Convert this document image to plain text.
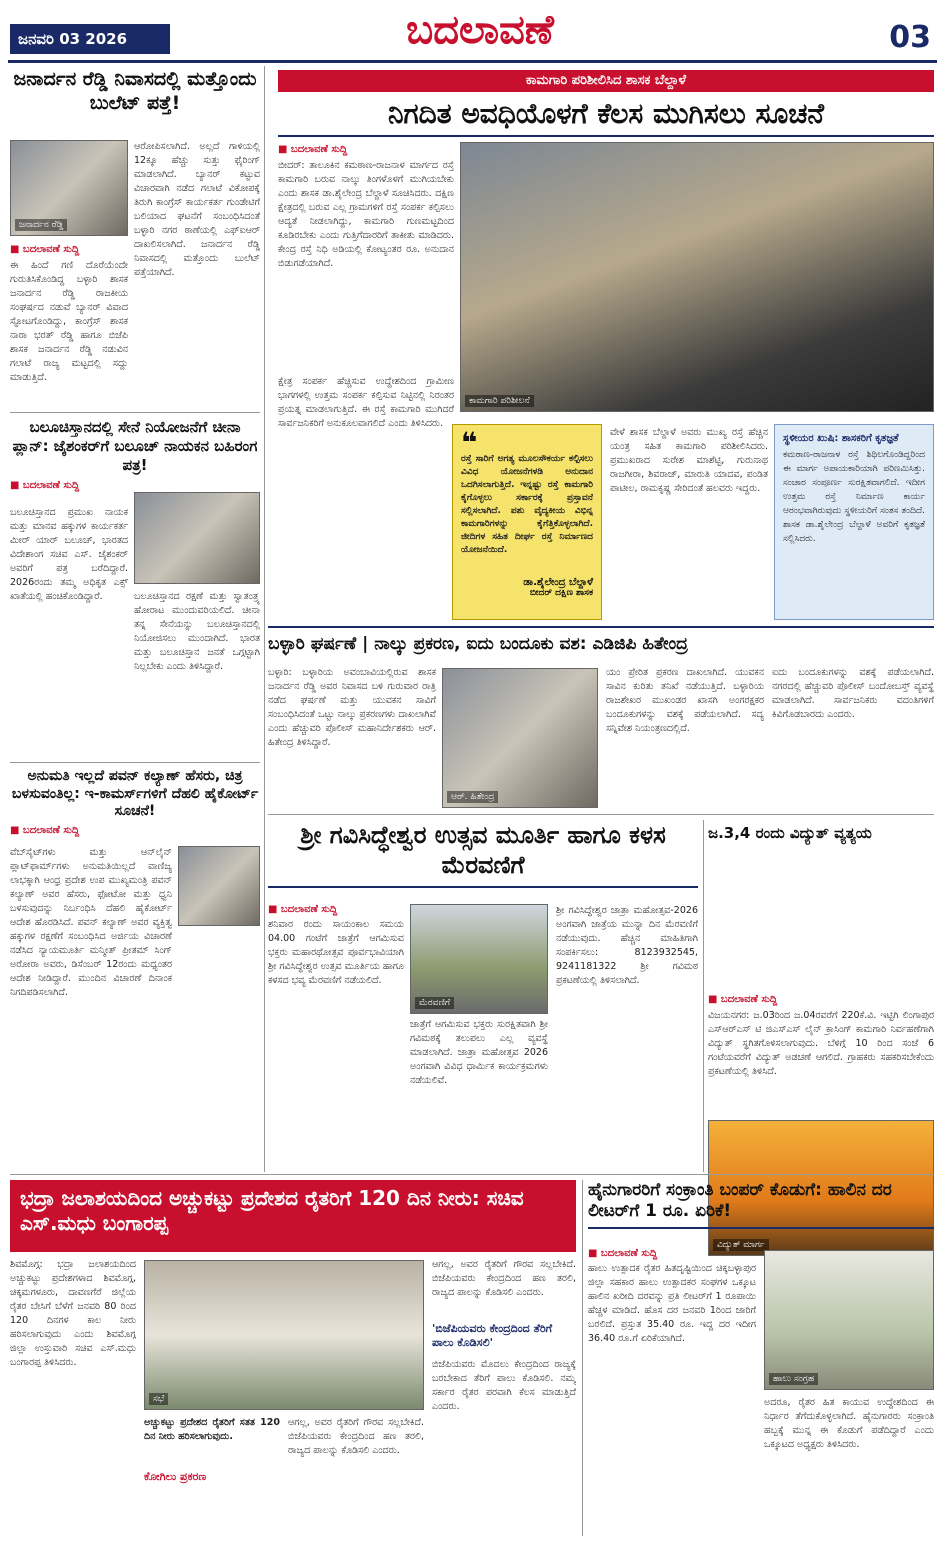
ಜನವರಿ 03 2026	ಬದಲಾವಣೆ	03
ಜನಾರ್ದನ ರೆಡ್ಡಿ ನಿವಾಸದಲ್ಲಿ ಮತ್ತೊಂದು ಬುಲೆಟ್ ಪತ್ತೆ!
ಜನಾರ್ದನ ರೆಡ್ಡಿ
ಆರೋಪಿಸಲಾಗಿದೆ. ಅಲ್ಲದೆ ಗಾಳಿಯಲ್ಲಿ 12ಕ್ಕೂ ಹೆಚ್ಚು ಸುತ್ತು ಫೈರಿಂಗ್ ಮಾಡಲಾಗಿದೆ. ಬ್ಯಾನರ್ ಕಟ್ಟುವ ವಿಚಾರವಾಗಿ ನಡೆದ ಗಲಾಟೆ ವಿಕೋಪಕ್ಕೆ ತಿರುಗಿ ಕಾಂಗ್ರೆಸ್ ಕಾರ್ಯಕರ್ತ ಗುಂಡೇಟಿಗೆ ಬಲಿಯಾದ ಘಟನೆಗೆ ಸಂಬಂಧಿಸಿದಂತೆ ಬಳ್ಳಾರಿ ನಗರ ಠಾಣೆಯಲ್ಲಿ ಎಫ್‌ಐಆರ್ ದಾಖಲಿಸಲಾಗಿದೆ. ಜನಾರ್ದನ ರೆಡ್ಡಿ ನಿವಾಸದಲ್ಲಿ ಮತ್ತೊಂದು ಬುಲೆಟ್ ಪತ್ತೆಯಾಗಿದೆ.
■ ಬದಲಾವಣೆ ಸುದ್ದಿ
ಈ ಹಿಂದೆ ಗಣಿ ದೊರೆಯೆಂದೇ ಗುರುತಿಸಿಕೊಂಡಿದ್ದ ಬಳ್ಳಾರಿ ಶಾಸಕ ಜನಾರ್ದನ ರೆಡ್ಡಿ ರಾಜಕೀಯ ಸಂಘರ್ಷದ ನಡುವೆ ಬ್ಯಾನರ್ ವಿವಾದ ಸ್ಫೋಟಗೊಂಡಿದ್ದು, ಕಾಂಗ್ರೆಸ್ ಶಾಸಕ ನಾರಾ ಭರತ್ ರೆಡ್ಡಿ ಹಾಗೂ ಬಿಜೆಪಿ ಶಾಸಕ ಜನಾರ್ದನ ರೆಡ್ಡಿ ನಡುವಿನ ಗಲಾಟೆ ರಾಜ್ಯ ಮಟ್ಟದಲ್ಲಿ ಸದ್ದು ಮಾಡುತ್ತಿದೆ.
ಕಾಮಗಾರಿ ಪರಿಶೀಲಿಸಿದ ಶಾಸಕ ಬೆಲ್ದಾಳೆ
ನಿಗದಿತ ಅವಧಿಯೊಳಗೆ ಕೆಲಸ ಮುಗಿಸಲು ಸೂಚನೆ
■ ಬದಲಾವಣೆ ಸುದ್ದಿ
ಬೀದರ್: ತಾಲೂಕಿನ ಕಮಠಾಣ-ರಾಜನಾಳ ಮಾರ್ಗದ ರಸ್ತೆ ಕಾಮಗಾರಿ ಬರುವ ನಾಲ್ಕು ತಿಂಗಳೊಳಗೆ ಮುಗಿಯಬೇಕು ಎಂದು ಶಾಸಕ ಡಾ.ಶೈಲೇಂದ್ರ ಬೆಲ್ದಾಳೆ ಸೂಚಿಸಿದರು. ದಕ್ಷಿಣ ಕ್ಷೇತ್ರದಲ್ಲಿ ಬರುವ ಎಲ್ಲ ಗ್ರಾಮಗಳಿಗೆ ರಸ್ತೆ ಸಂಪರ್ಕ ಕಲ್ಪಿಸಲು ಆದ್ಯತೆ ನೀಡಲಾಗಿದ್ದು, ಕಾಮಗಾರಿ ಗುಣಮಟ್ಟದಿಂದ ಕೂಡಿರಬೇಕು ಎಂದು ಗುತ್ತಿಗೆದಾರರಿಗೆ ತಾಕೀತು ಮಾಡಿದರು. ಕೇಂದ್ರ ರಸ್ತೆ ನಿಧಿ ಅಡಿಯಲ್ಲಿ ಕೋಟ್ಯಂತರ ರೂ. ಅನುದಾನ ಬಿಡುಗಡೆಯಾಗಿದೆ.
ಕ್ಷೇತ್ರ ಸಂಪರ್ಕ ಹೆಚ್ಚಿಸುವ ಉದ್ದೇಶದಿಂದ ಗ್ರಾಮೀಣ ಭಾಗಗಳಲ್ಲಿ ಉತ್ತಮ ಸಂಪರ್ಕ ಕಲ್ಪಿಸುವ ನಿಟ್ಟಿನಲ್ಲಿ ನಿರಂತರ ಪ್ರಯತ್ನ ಮಾಡಲಾಗುತ್ತಿದೆ. ಈ ರಸ್ತೆ ಕಾಮಗಾರಿ ಮುಗಿದರೆ ಸಾರ್ವಜನಿಕರಿಗೆ ಅನುಕೂಲವಾಗಲಿದೆ ಎಂದು ತಿಳಿಸಿದರು.
ಕಾಮಗಾರಿ ಪರಿಶೀಲನೆ
❝
ರಸ್ತೆ ಸಾರಿಗೆ ಅಗತ್ಯ ಮೂಲಸೌಕರ್ಯ ಕಲ್ಪಿಸಲು ವಿವಿಧ ಯೋಜನೆಗಳಡಿ ಅನುದಾನ ಒದಗಿಸಲಾಗುತ್ತಿದೆ. ಇನ್ನಷ್ಟು ರಸ್ತೆ ಕಾಮಗಾರಿ ಕೈಗೊಳ್ಳಲು ಸರ್ಕಾರಕ್ಕೆ ಪ್ರಸ್ತಾವನೆ ಸಲ್ಲಿಸಲಾಗಿದೆ. ಪಶು ವೈದ್ಯಕೀಯ ವಿಭಿನ್ನ ಕಾಮಗಾರಿಗಳನ್ನು ಕೈಗೆತ್ತಿಕೊಳ್ಳಲಾಗಿದೆ. ಜೀದಿಗಳ ಸಹಿತ ದೀರ್ಘ ರಸ್ತೆ ನಿರ್ಮಾಣದ ಯೋಜನೆಯಿದೆ.
ಡಾ.ಶೈಲೇಂದ್ರ ಬೆಲ್ದಾಳೆ
ಬೀದರ್ ದಕ್ಷಿಣ ಶಾಸಕ
ವೇಳೆ ಶಾಸಕ ಬೆಲ್ದಾಳೆ ಅವರು ಮುಖ್ಯ ರಸ್ತೆ ಹೆಚ್ಚಿನ ಯಂತ್ರ ಸಹಿತ ಕಾಮಗಾರಿ ಪರಿಶೀಲಿಸಿದರು. ಪ್ರಮುಖರಾದ ಸುರೇಶ ಮಾಶೆಟ್ಟಿ, ಗುರುನಾಥ ರಾಜಗೀರಾ, ಶಿವರಾಜ್, ಮಾರುತಿ ಯಾದವ, ಪಂಡಿತ ಪಾಟೀಲ, ರಾಮಕೃಷ್ಣ ಸೇರಿದಂತೆ ಹಲವರು ಇದ್ದರು.
ಸ್ಥಳೀಯರ ಖುಷಿ: ಶಾಸಕರಿಗೆ ಕೃತಜ್ಞತೆ
ಕಮಠಾಣ-ರಾಜನಾಳ ರಸ್ತೆ ಶಿಥಿಲಗೊಂಡಿದ್ದರಿಂದ ಈ ಮಾರ್ಗ ಅಪಾಯಕಾರಿಯಾಗಿ ಪರಿಣಮಿಸಿತ್ತು. ಸಂಚಾರ ಸಂಪೂರ್ಣ ಸುರಕ್ಷಿತವಾಗಲಿದೆ. ಇದೀಗ ಉತ್ತಮ ರಸ್ತೆ ನಿರ್ಮಾಣ ಕಾರ್ಯ ಆರಂಭವಾಗಿರುವುದು ಸ್ಥಳೀಯರಿಗೆ ಸಂತಸ ತಂದಿದೆ. ಶಾಸಕ ಡಾ.ಶೈಲೇಂದ್ರ ಬೆಲ್ದಾಳೆ ಅವರಿಗೆ ಕೃತಜ್ಞತೆ ಸಲ್ಲಿಸಿದರು.
ಬಲೂಚಿಸ್ತಾನದಲ್ಲಿ ಸೇನೆ ನಿಯೋಜನೆಗೆ ಚೀನಾ ಪ್ಲಾನ್: ಜೈಶಂಕರ್‌ಗೆ ಬಲೂಚ್ ನಾಯಕನ ಬಹಿರಂಗ ಪತ್ರ!
■ ಬದಲಾವಣೆ ಸುದ್ದಿ
ಬಲೂಚಿಸ್ತಾನದ ಪ್ರಮುಖ ನಾಯಕ ಮತ್ತು ಮಾನವ ಹಕ್ಕುಗಳ ಕಾರ್ಯಕರ್ತ ಮೀರ್ ಯಾರ್ ಬಲೂಚ್, ಭಾರತದ ವಿದೇಶಾಂಗ ಸಚಿವ ಎಸ್. ಜೈಶಂಕರ್ ಅವರಿಗೆ ಪತ್ರ ಬರೆದಿದ್ದಾರೆ. 2026ರಂದು ತಮ್ಮ ಅಧಿಕೃತ ಎಕ್ಸ್ ಖಾತೆಯಲ್ಲಿ ಹಂಚಿಕೊಂಡಿದ್ದಾರೆ.	ಬಲೂಚಿಸ್ತಾನದ ರಕ್ಷಣೆ ಮತ್ತು ಸ್ವಾತಂತ್ರ್ಯ ಹೋರಾಟ ಮುಂದುವರಿಯಲಿದೆ. ಚೀನಾ ತನ್ನ ಸೇನೆಯನ್ನು ಬಲೂಚಿಸ್ತಾನದಲ್ಲಿ ನಿಯೋಜಿಸಲು ಮುಂದಾಗಿದೆ. ಭಾರತ ಮತ್ತು ಬಲೂಚಿಸ್ತಾನ ಜನತೆ ಒಗ್ಗಟ್ಟಾಗಿ ನಿಲ್ಲಬೇಕು ಎಂದು ತಿಳಿಸಿದ್ದಾರೆ.
ಬಳ್ಳಾರಿ ಘರ್ಷಣೆ | ನಾಲ್ಕು ಪ್ರಕರಣ, ಐದು ಬಂದೂಕು ವಶ: ಎಡಿಜಿಪಿ ಹಿತೇಂದ್ರ
ಬಳ್ಳಾರಿ: ಬಳ್ಳಾರಿಯ ಅವಂಬಾವಿಯಲ್ಲಿರುವ ಶಾಸಕ ಜನಾರ್ದನ ರೆಡ್ಡಿ ಅವರ ನಿವಾಸದ ಬಳಿ ಗುರುವಾರ ರಾತ್ರಿ ನಡೆದ ಘರ್ಷಣೆ ಮತ್ತು ಯುವಕನ ಸಾವಿಗೆ ಸಂಬಂಧಿಸಿದಂತೆ ಒಟ್ಟು ನಾಲ್ಕು ಪ್ರಕರಣಗಳು ದಾಖಲಾಗಿವೆ ಎಂದು ಹೆಚ್ಚುವರಿ ಪೊಲೀಸ್ ಮಹಾನಿರ್ದೇಶಕರು ಆರ್. ಹಿತೇಂದ್ರ ತಿಳಿಸಿದ್ದಾರೆ.
ಆರ್. ಹಿತೇಂದ್ರ
ಯಂ ಪ್ರೇರಿತ ಪ್ರಕರಣ ದಾಖಲಾಗಿದೆ. ಯುವಕನ ಸಾವಿನ ಕುರಿತು ತನಿಖೆ ನಡೆಯುತ್ತಿದೆ. ಬಳ್ಳಾರಿಯ ರಾಜಶೇಖರ ಮುಖಂಡರ ಖಾಸಗಿ ಅಂಗರಕ್ಷಕರ ಬಂದೂಕುಗಳನ್ನು ವಶಕ್ಕೆ ಪಡೆಯಲಾಗಿದೆ. ಸದ್ಯ ಸನ್ನಿವೇಶ ನಿಯಂತ್ರಣದಲ್ಲಿದೆ.
ಐದು ಬಂದೂಕುಗಳನ್ನು ವಶಕ್ಕೆ ಪಡೆಯಲಾಗಿದೆ. ನಗರದಲ್ಲಿ ಹೆಚ್ಚುವರಿ ಪೊಲೀಸ್ ಬಂದೋಬಸ್ತ್ ವ್ಯವಸ್ಥೆ ಮಾಡಲಾಗಿದೆ. ಸಾರ್ವಜನಿಕರು ವದಂತಿಗಳಿಗೆ ಕಿವಿಗೊಡಬಾರದು ಎಂದರು.
ಅನುಮತಿ ಇಲ್ಲದೆ ಪವನ್ ಕಲ್ಯಾಣ್ ಹೆಸರು, ಚಿತ್ರ ಬಳಸುವಂತಿಲ್ಲ: ಇ-ಕಾಮರ್ಸ್‌ಗಳಿಗೆ ದೆಹಲಿ ಹೈಕೋರ್ಟ್ ಸೂಚನೆ!
■ ಬದಲಾವಣೆ ಸುದ್ದಿ
ವೆಬ್‌ಸೈಟ್‌ಗಳು ಮತ್ತು ಆನ್‌ಲೈನ್ ಪ್ಲಾಟ್‌ಫಾರ್ಮ್‌ಗಳು ಅನುಮತಿಯಿಲ್ಲದೆ ವಾಣಿಜ್ಯ ಲಾಭಕ್ಕಾಗಿ ಆಂಧ್ರ ಪ್ರದೇಶ ಉಪ ಮುಖ್ಯಮಂತ್ರಿ ಪವನ್ ಕಲ್ಯಾಣ್ ಅವರ ಹೆಸರು, ಫೋಟೋ ಮತ್ತು ಧ್ವನಿ ಬಳಸುವುದನ್ನು ನಿರ್ಬಂಧಿಸಿ ದೆಹಲಿ ಹೈಕೋರ್ಟ್ ಆದೇಶ ಹೊರಡಿಸಿದೆ. ಪವನ್ ಕಲ್ಯಾಣ್ ಅವರ ವ್ಯಕ್ತಿತ್ವ ಹಕ್ಕುಗಳ ರಕ್ಷಣೆಗೆ ಸಂಬಂಧಿಸಿದ ಅರ್ಜಿಯ ವಿಚಾರಣೆ ನಡೆಸಿದ ನ್ಯಾಯಮೂರ್ತಿ ಮನ್ಮೀತ್ ಪ್ರೀತಮ್ ಸಿಂಗ್ ಅರೋರಾ ಅವರು, ಡಿಸೆಂಬರ್ 12ರಂದು ಮಧ್ಯಂತರ ಆದೇಶ ನೀಡಿದ್ದಾರೆ. ಮುಂದಿನ ವಿಚಾರಣೆ ದಿನಾಂಕ ನಿಗದಿಪಡಿಸಲಾಗಿದೆ.
ಶ್ರೀ ಗವಿಸಿದ್ಧೇಶ್ವರ ಉತ್ಸವ ಮೂರ್ತಿ ಹಾಗೂ ಕಳಸ ಮೆರವಣಿಗೆ
■ ಬದಲಾವಣೆ ಸುದ್ದಿ
ಶನಿವಾರ ರಂದು ಸಾಯಂಕಾಲ ಸಮಯ 04.00 ಗಂಟೆಗೆ ಜಾತ್ರೆಗೆ ಆಗಮಿಸುವ ಭಕ್ತರು ಮಹಾರಥೋತ್ಸವ ಪೂರ್ವಭಾವಿಯಾಗಿ ಶ್ರೀ ಗವಿಸಿದ್ಧೇಶ್ವರ ಉತ್ಸವ ಮೂರ್ತಿಯ ಹಾಗೂ ಕಳಸದ ಭವ್ಯ ಮೆರವಣಿಗೆ ನಡೆಯಲಿದೆ.
ಮೆರವಣಿಗೆ
ಜಾತ್ರೆಗೆ ಆಗಮಿಸುವ ಭಕ್ತರು ಸುರಕ್ಷಿತವಾಗಿ ಶ್ರೀ ಗವಿಮಠಕ್ಕೆ ತಲುಪಲು ಎಲ್ಲ ವ್ಯವಸ್ಥೆ ಮಾಡಲಾಗಿದೆ. ಜಾತ್ರಾ ಮಹೋತ್ಸವ 2026 ಅಂಗವಾಗಿ ವಿವಿಧ ಧಾರ್ಮಿಕ ಕಾರ್ಯಕ್ರಮಗಳು ನಡೆಯಲಿವೆ.
ಶ್ರೀ ಗವಿಸಿದ್ಧೇಶ್ವರ ಜಾತ್ರಾ ಮಹೋತ್ಸವ-2026 ಅಂಗವಾಗಿ ಜಾತ್ರೆಯ ಮುನ್ನಾ ದಿನ ಮೆರವಣಿಗೆ ನಡೆಯುವುದು. ಹೆಚ್ಚಿನ ಮಾಹಿತಿಗಾಗಿ ಸಂಪರ್ಕಿಸಲು: 8123932545, 9241181322 ಶ್ರೀ ಗವಿಮಠ ಪ್ರಕಟಣೆಯಲ್ಲಿ ತಿಳಿಸಲಾಗಿದೆ.
ಜ.3,4 ರಂದು ವಿದ್ಯುತ್ ವ್ಯತ್ಯಯ
ವಿದ್ಯುತ್ ಮಾರ್ಗ
■ ಬದಲಾವಣೆ ಸುದ್ದಿ
ವಿಜಯನಗರ: ಜ.03ರಿಂದ ಜ.04ರವರೆಗೆ 220ಕೆ.ವಿ. ಇಟ್ಟಿಗಿ ಲಿಂಗಾಪುರ ಎಸ್‌ಆರ್‌ಎಸ್ ಟಿ ಜಿಎಸ್‌ಎಸ್ ಲೈನ್ ಕ್ರಾಸಿಂಗ್ ಕಾಮಗಾರಿ ನಿರ್ವಹಣೆಗಾಗಿ ವಿದ್ಯುತ್ ಸ್ಥಗಿತಗೊಳಿಸಲಾಗುವುದು. ಬೆಳಿಗ್ಗೆ 10 ರಿಂದ ಸಂಜೆ 6 ಗಂಟೆಯವರೆಗೆ ವಿದ್ಯುತ್ ಅಡಚಣೆ ಆಗಲಿದೆ. ಗ್ರಾಹಕರು ಸಹಕರಿಸಬೇಕೆಂದು ಪ್ರಕಟಣೆಯಲ್ಲಿ ತಿಳಿಸಿದೆ.
ಭದ್ರಾ ಜಲಾಶಯದಿಂದ ಅಚ್ಚುಕಟ್ಟು ಪ್ರದೇಶದ ರೈತರಿಗೆ 120 ದಿನ ನೀರು: ಸಚಿವ ಎಸ್.ಮಧು ಬಂಗಾರಪ್ಪ
ಶಿವಮೊಗ್ಗ: ಭದ್ರಾ ಜಲಾಶಯದಿಂದ ಅಚ್ಚುಕಟ್ಟು ಪ್ರದೇಶಗಳಾದ ಶಿವಮೊಗ್ಗ, ಚಿಕ್ಕಮಗಳೂರು, ದಾವಣಗೆರೆ ಜಿಲ್ಲೆಯ ರೈತರ ಬೇಸಿಗೆ ಬೆಳೆಗೆ ಜನವರಿ 80 ರಿಂದ 120 ದಿನಗಳ ಕಾಲ ನೀರು ಹರಿಸಲಾಗುವುದು ಎಂದು ಶಿವಮೊಗ್ಗ ಜಿಲ್ಲಾ ಉಸ್ತುವಾರಿ ಸಚಿವ ಎಸ್.ಮಧು ಬಂಗಾರಪ್ಪ ತಿಳಿಸಿದರು.
ಸಭೆ
ಅಚ್ಚುಕಟ್ಟು ಪ್ರದೇಶದ ರೈತರಿಗೆ ಸತತ 120 ದಿನ ನೀರು ಹರಿಸಲಾಗುವುದು.
ಕೋಗಿಲು ಪ್ರಕರಣ
ಆಗಲ್ಲ, ಅವರ ರೈತರಿಗೆ ಗೌರವ ಸಲ್ಲಬೇಕಿದೆ. ಬಿಜೆಪಿಯವರು ಕೇಂದ್ರದಿಂದ ಹಣ ತರಲಿ, ರಾಜ್ಯದ ಪಾಲನ್ನು ಕೊಡಿಸಲಿ ಎಂದರು.
ಆಗಲ್ಲ, ಅವರ ರೈತರಿಗೆ ಗೌರವ ಸಲ್ಲಬೇಕಿದೆ. ಬಿಜೆಪಿಯವರು ಕೇಂದ್ರದಿಂದ ಹಣ ತರಲಿ, ರಾಜ್ಯದ ಪಾಲನ್ನು ಕೊಡಿಸಲಿ ಎಂದರು.
'ಬಿಜೆಪಿಯವರು ಕೇಂದ್ರದಿಂದ ತೆರಿಗೆ ಪಾಲು ಕೊಡಿಸಲಿ'
ಬಿಜೆಪಿಯವರು ಮೊದಲು ಕೇಂದ್ರದಿಂದ ರಾಜ್ಯಕ್ಕೆ ಬರಬೇಕಾದ ತೆರಿಗೆ ಪಾಲು ಕೊಡಿಸಲಿ. ನಮ್ಮ ಸರ್ಕಾರ ರೈತರ ಪರವಾಗಿ ಕೆಲಸ ಮಾಡುತ್ತಿದೆ ಎಂದರು.
ಹೈನುಗಾರರಿಗೆ ಸಂಕ್ರಾಂತಿ ಬಂಪರ್ ಕೊಡುಗೆ: ಹಾಲಿನ ದರ ಲೀಟರ್‌ಗೆ 1 ರೂ. ಏರಿಕೆ!
■ ಬದಲಾವಣೆ ಸುದ್ದಿ
ಹಾಲು ಉತ್ಪಾದಕ ರೈತರ ಹಿತದೃಷ್ಟಿಯಿಂದ ಚಿಕ್ಕಬಳ್ಳಾಪುರ ಜಿಲ್ಲಾ ಸಹಕಾರ ಹಾಲು ಉತ್ಪಾದಕರ ಸಂಘಗಳ ಒಕ್ಕೂಟ ಹಾಲಿನ ಖರೀದಿ ದರವನ್ನು ಪ್ರತಿ ಲೀಟರ್‌ಗೆ 1 ರೂಪಾಯಿ ಹೆಚ್ಚಳ ಮಾಡಿದೆ. ಹೊಸ ದರ ಜನವರಿ 1ರಿಂದ ಜಾರಿಗೆ ಬರಲಿದೆ. ಪ್ರಸ್ತುತ 35.40 ರೂ. ಇದ್ದ ದರ ಇದೀಗ 36.40 ರೂ.ಗೆ ಏರಿಕೆಯಾಗಿದೆ.
ಹಾಲು ಸಂಗ್ರಹ
ಅದರೂ, ರೈತರ ಹಿತ ಕಾಯುವ ಉದ್ದೇಶದಿಂದ ಈ ನಿರ್ಧಾರ ತೆಗೆದುಕೊಳ್ಳಲಾಗಿದೆ. ಹೈನುಗಾರರು ಸಂಕ್ರಾಂತಿ ಹಬ್ಬಕ್ಕೆ ಮುನ್ನ ಈ ಕೊಡುಗೆ ಪಡೆದಿದ್ದಾರೆ ಎಂದು ಒಕ್ಕೂಟದ ಅಧ್ಯಕ್ಷರು ತಿಳಿಸಿದರು.
